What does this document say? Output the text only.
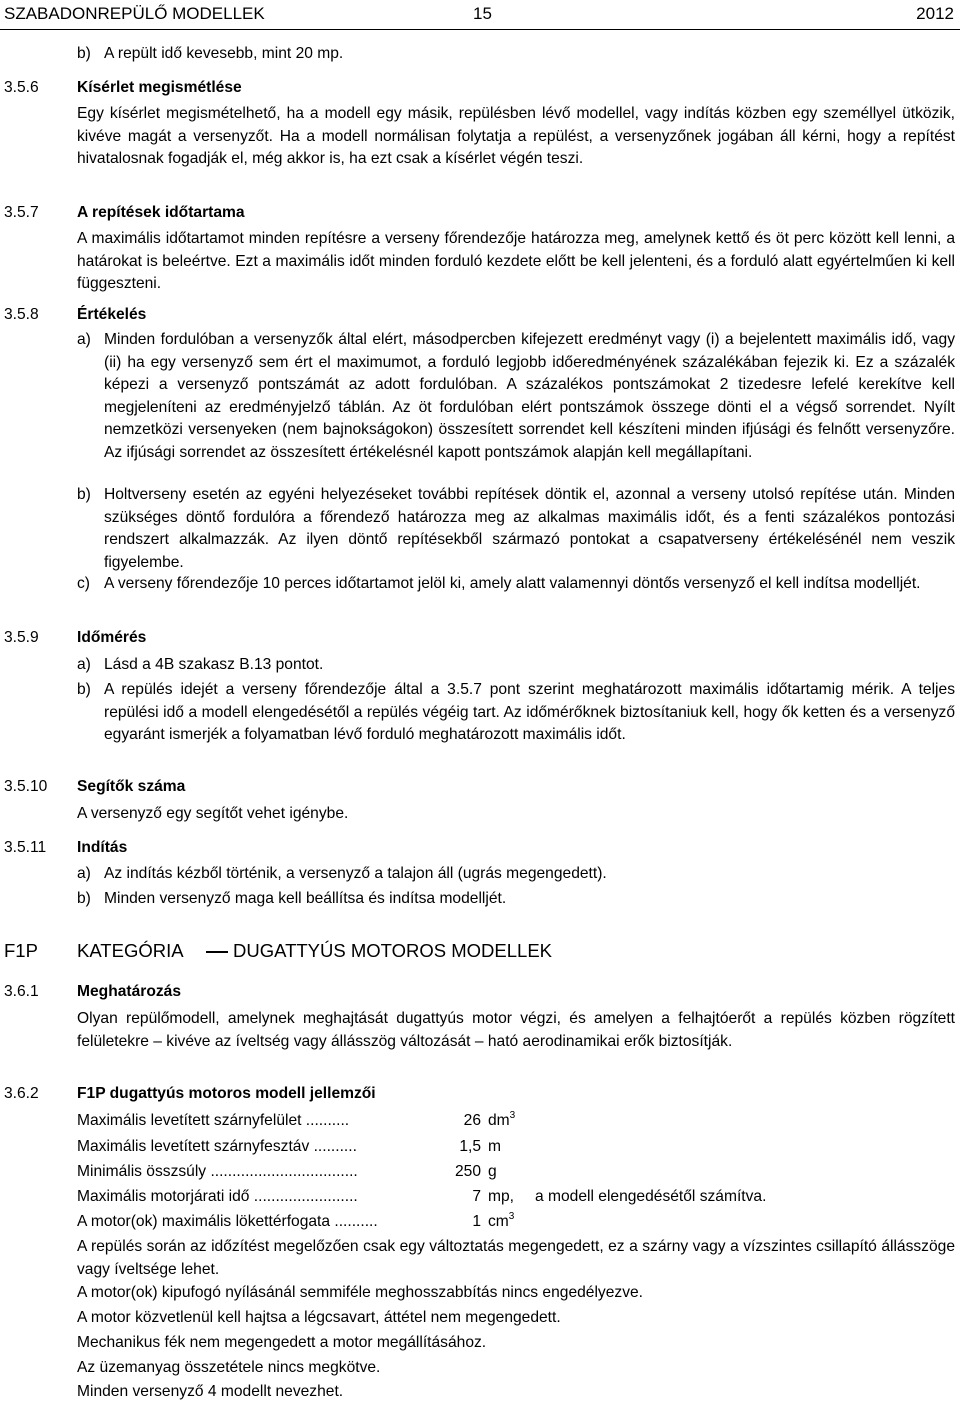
SZABADONREPÜLŐ MODELLEK	15	2012
b) A repült idő kevesebb, mint 20 mp.
3.5.6 Kísérlet megismétlése
Egy kísérlet megismételhető, ha a modell egy másik, repülésben lévő modellel, vagy indítás közben egy személlyel ütközik, kivéve magát a versenyzőt. Ha a modell normálisan folytatja a repülést, a versenyzőnek jogában áll kérni, hogy a repítést hivatalosnak fogadják el, még akkor is, ha ezt csak a kísérlet végén teszi.
3.5.7 A repítések időtartama
A maximális időtartamot minden repítésre a verseny főrendezője határozza meg, amelynek kettő és öt perc között kell lenni, a határokat is beleértve. Ezt a maximális időt minden forduló kezdete előtt be kell jelenteni, és a forduló alatt egyértelműen ki kell függeszteni.
3.5.8 Értékelés
a) Minden fordulóban a versenyzők által elért, másodpercben kifejezett eredményt vagy (i) a bejelentett maximális idő, vagy (ii) ha egy versenyző sem ért el maximumot, a forduló legjobb időeredményének százalékában fejezik ki. Ez a százalék képezi a versenyző pontszámát az adott fordulóban. A százalékos pontszámokat 2 tizedesre lefelé kerekítve kell megjeleníteni az eredményjelző táblán. Az öt fordulóban elért pontszámok összege dönti el a végső sorrendet. Nyílt nemzetközi versenyeken (nem bajnokságokon) összesített sorrendet kell készíteni minden ifjúsági és felnőtt versenyzőre. Az ifjúsági sorrendet az összesített értékelésnél kapott pontszámok alapján kell megállapítani.
b) Holtverseny esetén az egyéni helyezéseket további repítések döntik el, azonnal a verseny utolsó repítése után. Minden szükséges döntő fordulóra a főrendező határozza meg az alkalmas maximális időt, és a fenti százalékos pontozási rendszert alkalmazzák. Az ilyen döntő repítésekből származó pontokat a csapatverseny értékelésénél nem veszik figyelembe.
c) A verseny főrendezője 10 perces időtartamot jelöl ki, amely alatt valamennyi döntős versenyző el kell indítsa modelljét.
3.5.9 Időmérés
a) Lásd a 4B szakasz B.13 pontot.
b) A repülés idejét a verseny főrendezője által a 3.5.7 pont szerint meghatározott maximális időtartamig mérik. A teljes repülési idő a modell elengedésétől a repülés végéig tart. Az időmérőknek biztosítaniuk kell, hogy ők ketten és a versenyző egyaránt ismerjék a folyamatban lévő forduló meghatározott maximális időt.
3.5.10 Segítők száma
A versenyző egy segítőt vehet igénybe.
3.5.11 Indítás
a) Az indítás kézből történik, a versenyző a talajon áll (ugrás megengedett).
b) Minden versenyző maga kell beállítsa és indítsa modelljét.
F1P KATEGÓRIA	DUGATTYÚS MOTOROS MODELLEK
3.6.1 Meghatározás
Olyan repülőmodell, amelynek meghajtását dugattyús motor végzi, és amelyen a felhajtóerőt a repülés közben rögzített felületekre – kivéve az íveltség vagy állásszög változását – ható aerodinamikai erők biztosítják.
3.6.2 F1P dugattyús motoros modell jellemzői
Maximális levetített szárnyfelület ..........	26 $dm^3$
Maximális levetített szárnyfesztáv ..........	1,5 m
Minimális összsúly ..................................	250 g
Maximális motorjárati idő ........................	7 mp, a modell elengedésétől számítva.
A motor(ok) maximális lökettérfogata ..........	1 $cm^3$
A repülés során az időzítést megelőzően csak egy változtatás megengedett, ez a szárny vagy a vízszintes csillapító állásszöge vagy íveltsége lehet.
A motor(ok) kipufogó nyílásánál semmiféle meghosszabbítás nincs engedélyezve.
A motor közvetlenül kell hajtsa a légcsavart, áttétel nem megengedett.
Mechanikus fék nem megengedett a motor megállításához.
Az üzemanyag összetétele nincs megkötve.
Minden versenyző 4 modellt nevezhet.
